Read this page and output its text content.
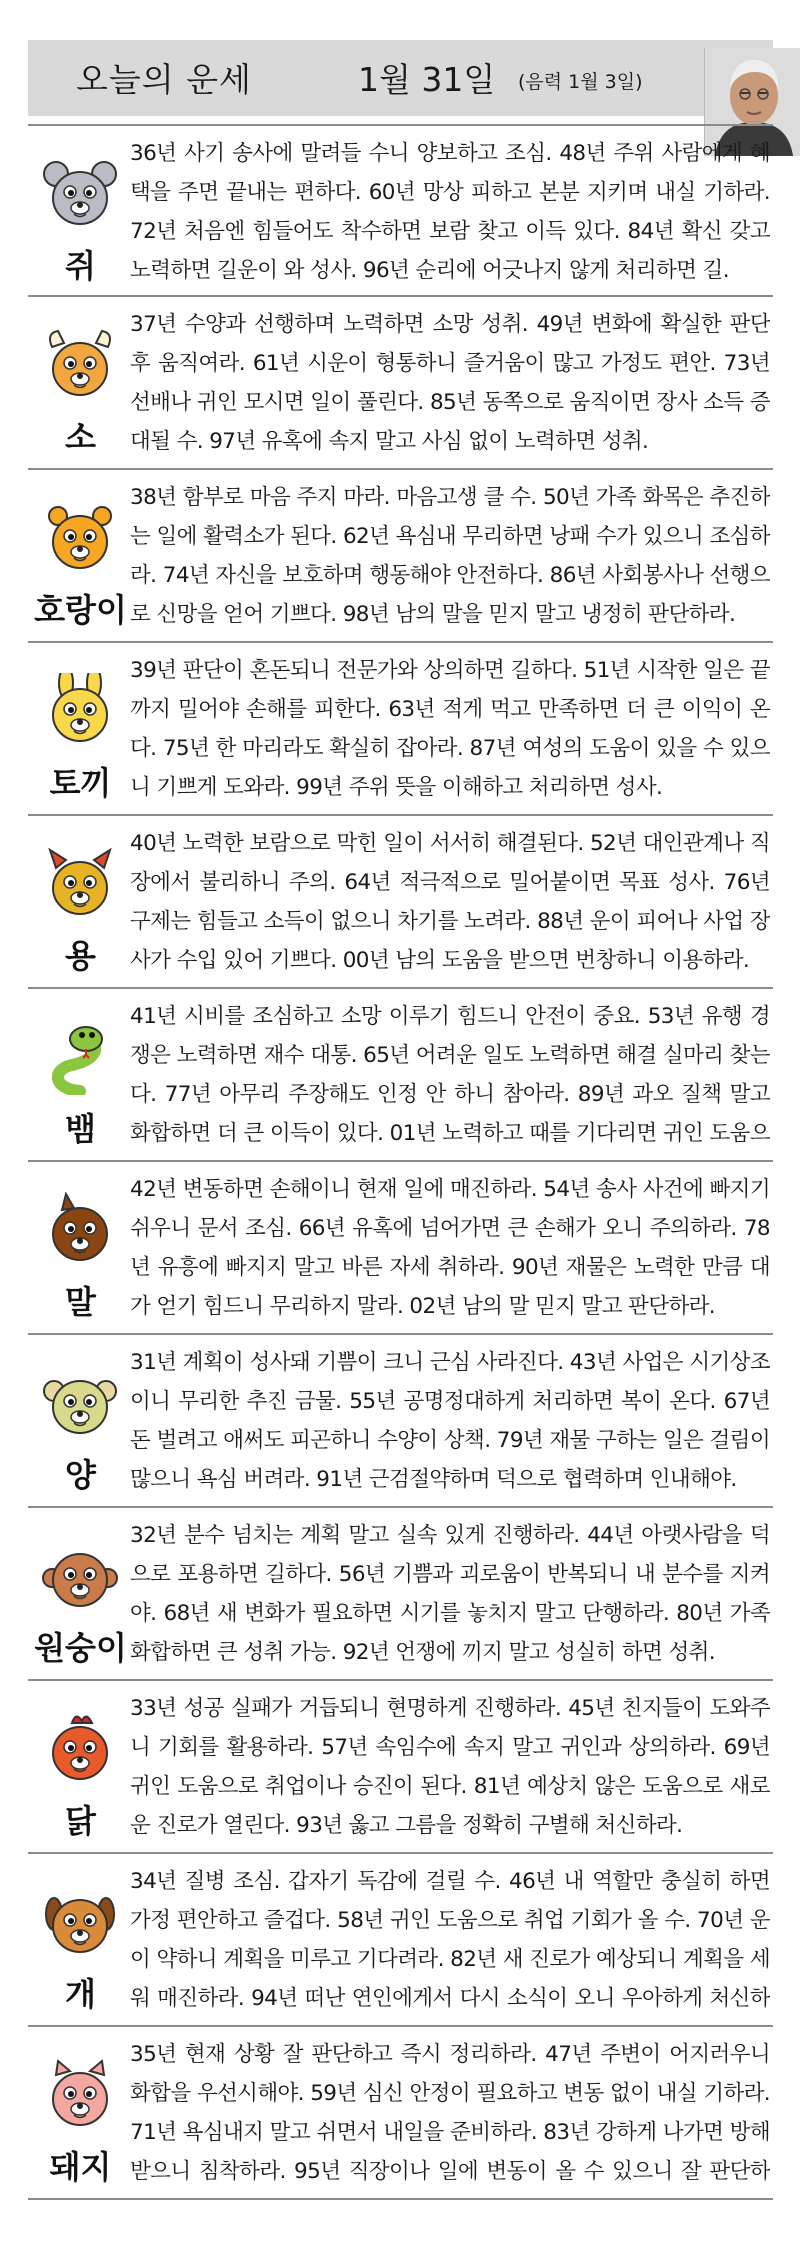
오늘의 운세	1월 31일 (음력 1월 3일)
쥐
36년 사기 송사에 말려들 수니 양보하고 조심. 48년 주위 사람에게 혜택을 주면 끝내는 편하다. 60년 망상 피하고 본분 지키며 내실 기하라. 72년 처음엔 힘들어도 착수하면 보람 찾고 이득 있다. 84년 확신 갖고 노력하면 길운이 와 성사. 96년 순리에 어긋나지 않게 처리하면 길.
소
37년 수양과 선행하며 노력하면 소망 성취. 49년 변화에 확실한 판단 후 움직여라. 61년 시운이 형통하니 즐거움이 많고 가정도 편안. 73년 선배나 귀인 모시면 일이 풀린다. 85년 동쪽으로 움직이면 장사 소득 증대될 수. 97년 유혹에 속지 말고 사심 없이 노력하면 성취.
호랑이
38년 함부로 마음 주지 마라. 마음고생 클 수. 50년 가족 화목은 추진하는 일에 활력소가 된다. 62년 욕심내 무리하면 낭패 수가 있으니 조심하라. 74년 자신을 보호하며 행동해야 안전하다. 86년 사회봉사나 선행으로 신망을 얻어 기쁘다. 98년 남의 말을 믿지 말고 냉정히 판단하라.
토끼
39년 판단이 혼돈되니 전문가와 상의하면 길하다. 51년 시작한 일은 끝까지 밀어야 손해를 피한다. 63년 적게 먹고 만족하면 더 큰 이익이 온다. 75년 한 마리라도 확실히 잡아라. 87년 여성의 도움이 있을 수 있으니 기쁘게 도와라. 99년 주위 뜻을 이해하고 처리하면 성사.
용
40년 노력한 보람으로 막힌 일이 서서히 해결된다. 52년 대인관계나 직장에서 불리하니 주의. 64년 적극적으로 밀어붙이면 목표 성사. 76년 구제는 힘들고 소득이 없으니 차기를 노려라. 88년 운이 피어나 사업 장사가 수입 있어 기쁘다. 00년 남의 도움을 받으면 번창하니 이용하라.
뱀
41년 시비를 조심하고 소망 이루기 힘드니 안전이 중요. 53년 유행 경쟁은 노력하면 재수 대통. 65년 어려운 일도 노력하면 해결 실마리 찾는다. 77년 아무리 주장해도 인정 안 하니 참아라. 89년 과오 질책 말고 화합하면 더 큰 이득이 있다. 01년 노력하고 때를 기다리면 귀인 도움으
말
42년 변동하면 손해이니 현재 일에 매진하라. 54년 송사 사건에 빠지기 쉬우니 문서 조심. 66년 유혹에 넘어가면 큰 손해가 오니 주의하라. 78년 유흥에 빠지지 말고 바른 자세 취하라. 90년 재물은 노력한 만큼 대가 얻기 힘드니 무리하지 말라. 02년 남의 말 믿지 말고 판단하라.
양
31년 계획이 성사돼 기쁨이 크니 근심 사라진다. 43년 사업은 시기상조이니 무리한 추진 금물. 55년 공명정대하게 처리하면 복이 온다. 67년 돈 벌려고 애써도 피곤하니 수양이 상책. 79년 재물 구하는 일은 걸림이 많으니 욕심 버려라. 91년 근검절약하며 덕으로 협력하며 인내해야.
원숭이
32년 분수 넘치는 계획 말고 실속 있게 진행하라. 44년 아랫사람을 덕으로 포용하면 길하다. 56년 기쁨과 괴로움이 반복되니 내 분수를 지켜야. 68년 새 변화가 필요하면 시기를 놓치지 말고 단행하라. 80년 가족 화합하면 큰 성취 가능. 92년 언쟁에 끼지 말고 성실히 하면 성취.
닭
33년 성공 실패가 거듭되니 현명하게 진행하라. 45년 친지들이 도와주니 기회를 활용하라. 57년 속임수에 속지 말고 귀인과 상의하라. 69년 귀인 도움으로 취업이나 승진이 된다. 81년 예상치 않은 도움으로 새로운 진로가 열린다. 93년 옳고 그름을 정확히 구별해 처신하라.
개
34년 질병 조심. 갑자기 독감에 걸릴 수. 46년 내 역할만 충실히 하면 가정 편안하고 즐겁다. 58년 귀인 도움으로 취업 기회가 올 수. 70년 운이 약하니 계획을 미루고 기다려라. 82년 새 진로가 예상되니 계획을 세워 매진하라. 94년 떠난 연인에게서 다시 소식이 오니 우아하게 처신하
돼지
35년 현재 상황 잘 판단하고 즉시 정리하라. 47년 주변이 어지러우니 화합을 우선시해야. 59년 심신 안정이 필요하고 변동 없이 내실 기하라. 71년 욕심내지 말고 쉬면서 내일을 준비하라. 83년 강하게 나가면 방해 받으니 침착하라. 95년 직장이나 일에 변동이 올 수 있으니 잘 판단하
